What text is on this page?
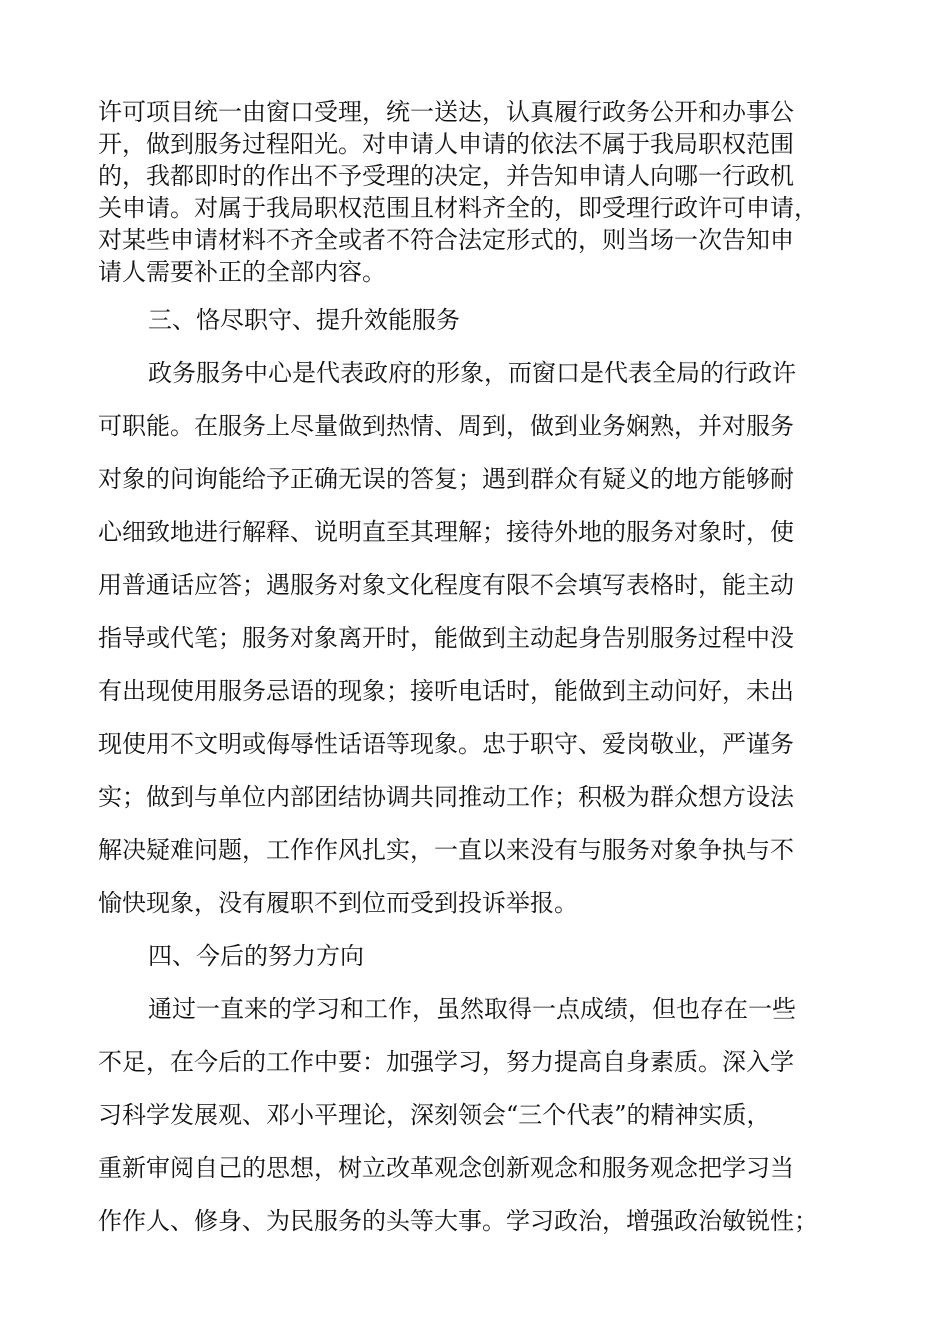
许可项目统一由窗口受理，统一送达，认真履行政务公开和办事公
开，做到服务过程阳光。对申请人申请的依法不属于我局职权范围
的，我都即时的作出不予受理的决定，并告知申请人向哪一行政机
关申请。对属于我局职权范围且材料齐全的，即受理行政许可申请，
对某些申请材料不齐全或者不符合法定形式的，则当场一次告知申
请人需要补正的全部内容。
三、恪尽职守、提升效能服务
政务服务中心是代表政府的形象，而窗口是代表全局的行政许
可职能。在服务上尽量做到热情、周到，做到业务娴熟，并对服务
对象的问询能给予正确无误的答复；遇到群众有疑义的地方能够耐
心细致地进行解释、说明直至其理解；接待外地的服务对象时，使
用普通话应答；遇服务对象文化程度有限不会填写表格时，能主动
指导或代笔；服务对象离开时，能做到主动起身告别服务过程中没
有出现使用服务忌语的现象；接听电话时，能做到主动问好，未出
现使用不文明或侮辱性话语等现象。忠于职守、爱岗敬业，严谨务
实；做到与单位内部团结协调共同推动工作；积极为群众想方设法
解决疑难问题，工作作风扎实，一直以来没有与服务对象争执与不
愉快现象，没有履职不到位而受到投诉举报。
四、今后的努力方向
通过一直来的学习和工作，虽然取得一点成绩，但也存在一些
不足，在今后的工作中要：加强学习，努力提高自身素质。深入学
习科学发展观、邓小平理论，深刻领会“三个代表”的精神实质，
重新审阅自己的思想，树立改革观念创新观念和服务观念把学习当
作作人、修身、为民服务的头等大事。学习政治，增强政治敏锐性；
